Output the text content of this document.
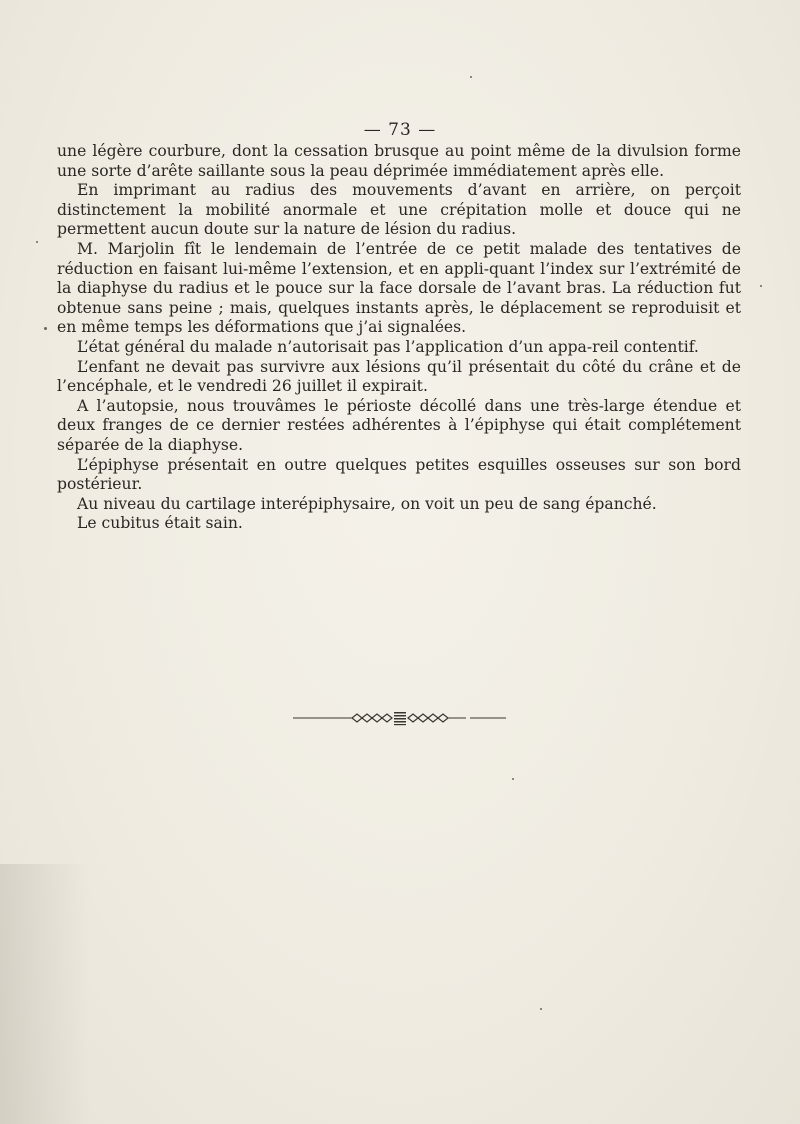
— 73 —

une légère courbure, dont la cessation brusque au point même de la divulsion forme une sorte d’arête saillante sous la peau déprimée immédiatement après elle.

En imprimant au radius des mouvements d’avant en arrière, on perçoit distinctement la mobilité anormale et une crépitation molle et douce qui ne permettent aucun doute sur la nature de lésion du radius.

M. Marjolin fît le lendemain de l’entrée de ce petit malade des tentatives de réduction en faisant lui-même l’extension, et en appli-quant l’index sur l’extrémité de la diaphyse du radius et le pouce sur la face dorsale de l’avant bras. La réduction fut obtenue sans peine ; mais, quelques instants après, le déplacement se reproduisit et en même temps les déformations que j’ai signalées.

L’état général du malade n’autorisait pas l’application d’un appa-reil contentif.

L’enfant ne devait pas survivre aux lésions qu’il présentait du côté du crâne et de l’encéphale, et le vendredi 26 juillet il expirait.

A l’autopsie, nous trouvâmes le périoste décollé dans une très-large étendue et deux franges de ce dernier restées adhérentes à l’épiphyse qui était complétement séparée de la diaphyse.

L’épiphyse présentait en outre quelques petites esquilles osseuses sur son bord postérieur.

Au niveau du cartilage interépiphysaire, on voit un peu de sang épanché.

Le cubitus était sain.
